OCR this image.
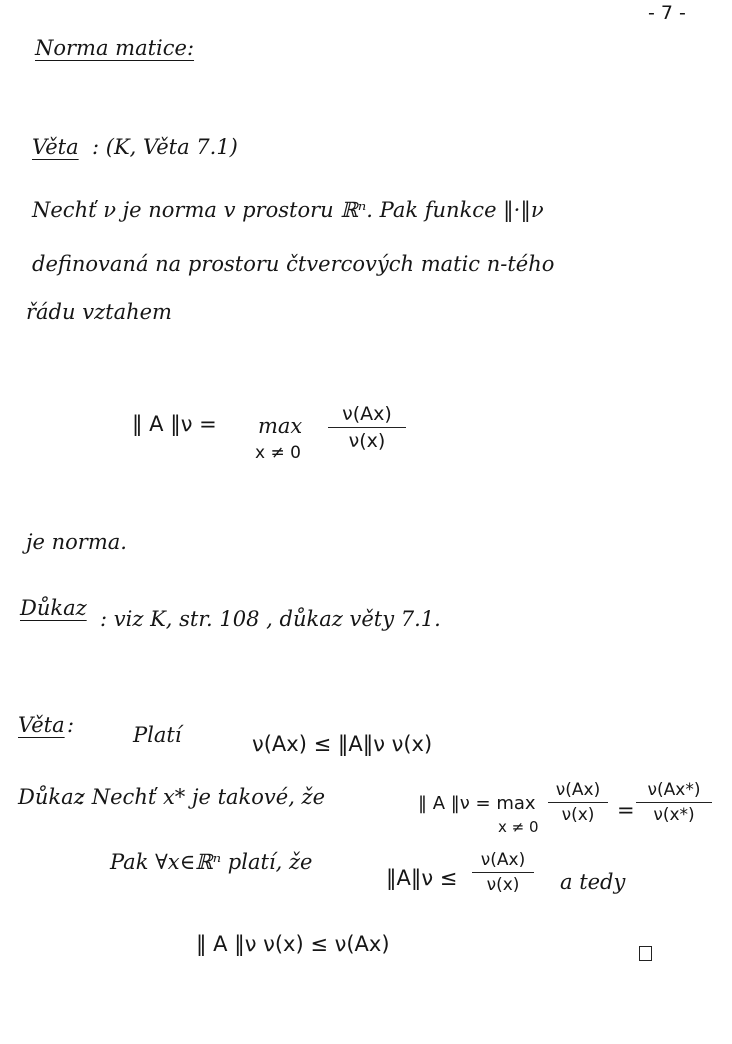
- 7 -
Norma matice:
Věta : (K, Věta 7.1)
Nechť ν je norma v prostoru ℝⁿ. Pak funkce ‖·‖ν
definovaná na prostoru čtvercových matic n-tého
řádu vztahem
‖ A ‖ν = max
x ≠ 0
$\frac{\nu(Ax)}{\nu(x)}$
je norma.
Důkaz : viz K, str. 108 , důkaz věty 7.1.
Věta :	Platí	ν(Ax) ≤ ‖A‖ν ν(x)
Důkaz
: Nechť x* je takové, že	‖ A ‖ν = max
x ≠ 0
$\frac{\nu(Ax)}{\nu(x)} = \frac{\nu(Ax*)}{\nu(x*)}$
Pak ∀x∈ℝⁿ platí, že
‖A‖ν ≤ $\frac{\nu(Ax)}{\nu(x)}$ a tedy
‖ A ‖ν ν(x) ≤ ν(Ax)
